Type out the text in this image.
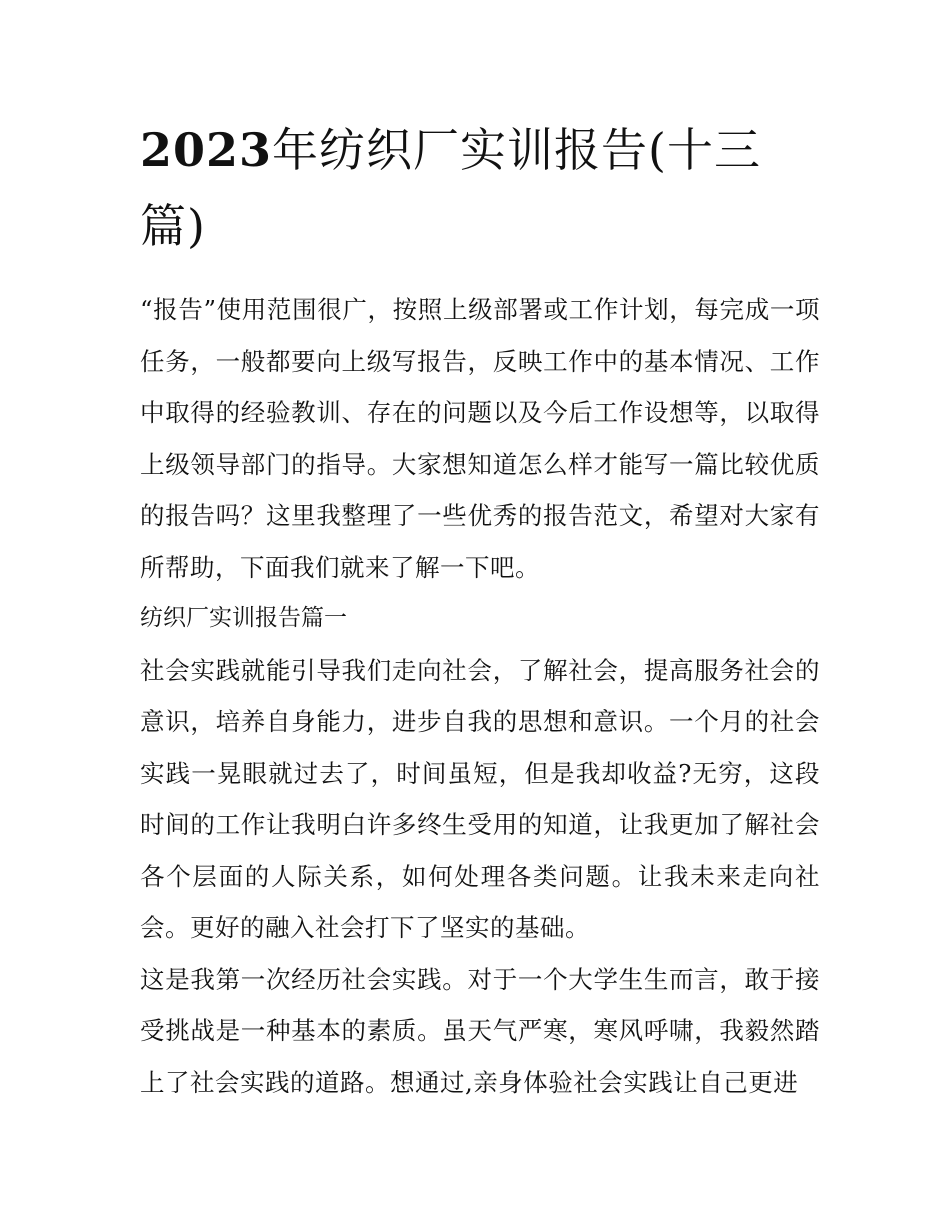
2023年纺织厂实训报告(十三篇)

“报告”使用范围很广，按照上级部署或工作计划，每完成一项任务，一般都要向上级写报告，反映工作中的基本情况、工作中取得的经验教训、存在的问题以及今后工作设想等，以取得上级领导部门的指导。大家想知道怎么样才能写一篇比较优质的报告吗？这里我整理了一些优秀的报告范文，希望对大家有所帮助，下面我们就来了解一下吧。

纺织厂实训报告篇一

社会实践就能引导我们走向社会，了解社会，提高服务社会的意识，培养自身能力，进步自我的思想和意识。一个月的社会实践一晃眼就过去了，时间虽短，但是我却收益?无穷，这段时间的工作让我明白许多终生受用的知道，让我更加了解社会各个层面的人际关系，如何处理各类问题。让我未来走向社会。更好的融入社会打下了坚实的基础。

这是我第一次经历社会实践。对于一个大学生生而言，敢于接受挑战是一种基本的素质。虽天气严寒，寒风呼啸，我毅然踏上了社会实践的道路。想通过,亲身体验社会实践让自己更进
